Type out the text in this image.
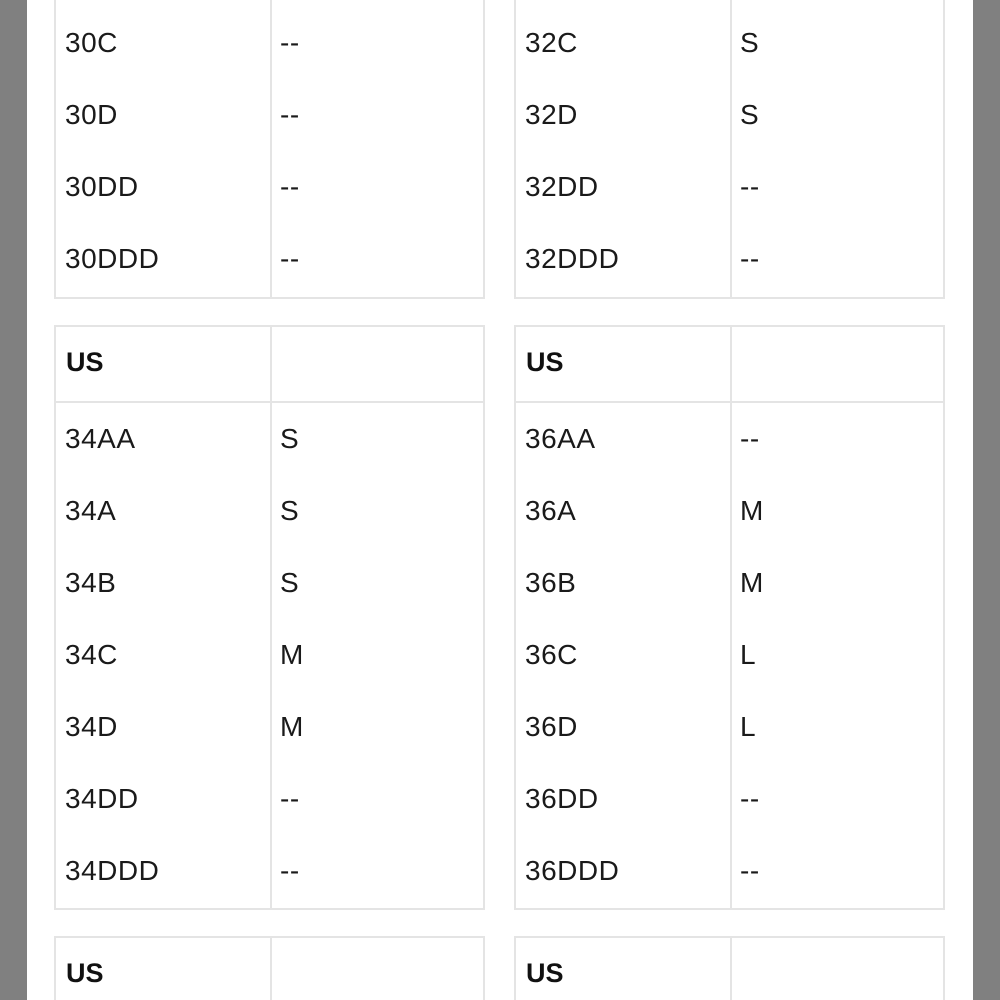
30C	--
30D	--
30DD	--
30DDD	--
32C	S
32D	S
32DD	--
32DDD	--
US
34AA	S
34A	S
34B	S
34C	M
34D	M
34DD	--
34DDD	--
US
36AA	--
36A	M
36B	M
36C	L
36D	L
36DD	--
36DDD	--
US	US
